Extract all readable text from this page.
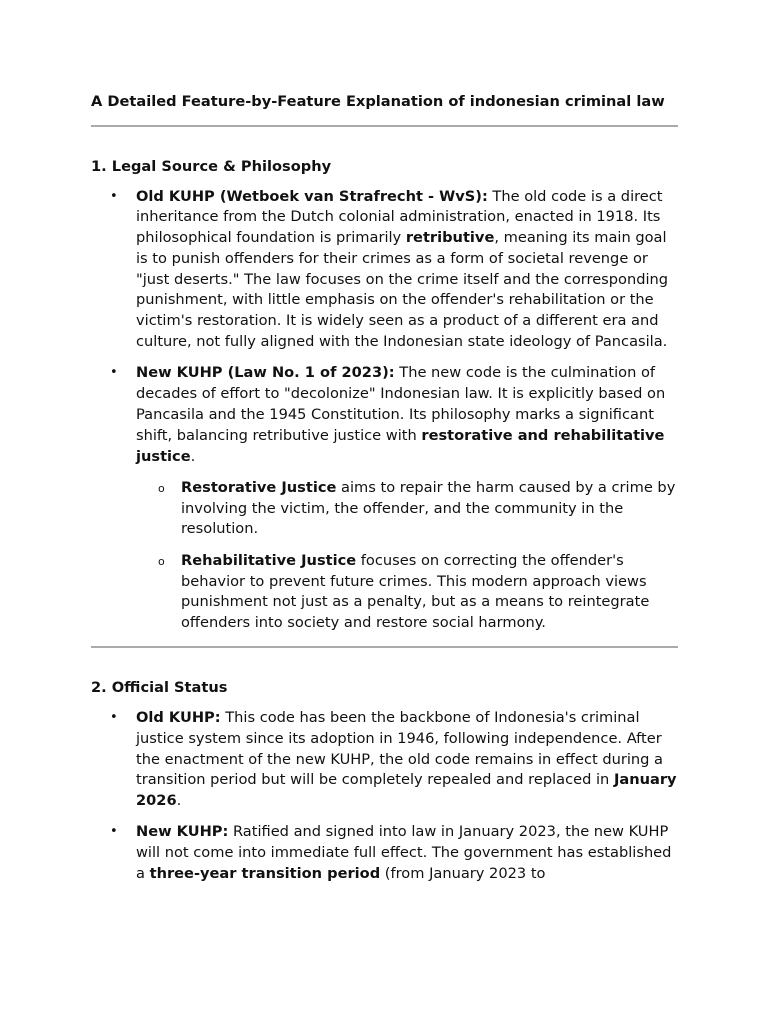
A Detailed Feature-by-Feature Explanation of indonesian criminal law
1. Legal Source & Philosophy
• Old KUHP (Wetboek van Strafrecht - WvS): The old code is a direct inheritance from the Dutch colonial administration, enacted in 1918. Its philosophical foundation is primarily retributive, meaning its main goal is to punish offenders for their crimes as a form of societal revenge or "just deserts." The law focuses on the crime itself and the corresponding punishment, with little emphasis on the offender's rehabilitation or the victim's restoration. It is widely seen as a product of a different era and culture, not fully aligned with the Indonesian state ideology of Pancasila.
• New KUHP (Law No. 1 of 2023): The new code is the culmination of decades of effort to "decolonize" Indonesian law. It is explicitly based on Pancasila and the 1945 Constitution. Its philosophy marks a significant shift, balancing retributive justice with restorative and rehabilitative justice.
o Restorative Justice aims to repair the harm caused by a crime by involving the victim, the offender, and the community in the resolution.
o Rehabilitative Justice focuses on correcting the offender's behavior to prevent future crimes. This modern approach views punishment not just as a penalty, but as a means to reintegrate offenders into society and restore social harmony.
2. Official Status
• Old KUHP: This code has been the backbone of Indonesia's criminal justice system since its adoption in 1946, following independence. After the enactment of the new KUHP, the old code remains in effect during a transition period but will be completely repealed and replaced in January 2026.
• New KUHP: Ratified and signed into law in January 2023, the new KUHP will not come into immediate full effect. The government has established a three-year transition period (from January 2023 to
